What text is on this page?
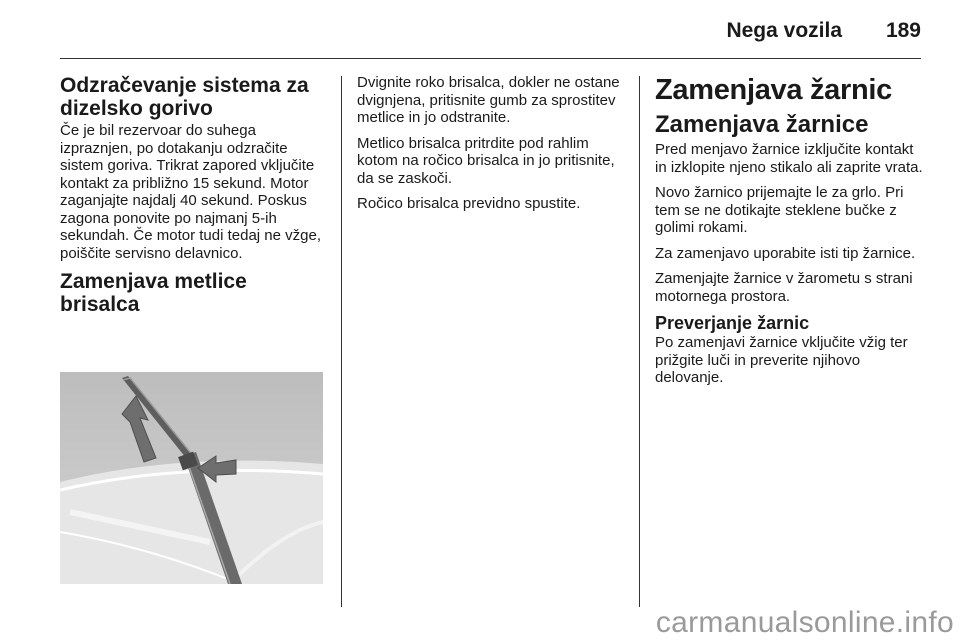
Nega vozila 189
Odzračevanje sistema za dizelsko gorivo

Če je bil rezervoar do suhega izpraznjen, po dotakanju odzračite sistem goriva. Trikrat zapored vključite kontakt za približno 15 sekund. Motor zaganjajte najdalj 40 sekund. Poskus zagona ponovite po najmanj 5-ih sekundah. Če motor tudi tedaj ne vžge, poiščite servisno delavnico.

Zamenjava metlice brisalca

Dvignite roko brisalca, dokler ne ostane dvignjena, pritisnite gumb za sprostitev metlice in jo odstranite.

Metlico brisalca pritrdite pod rahlim kotom na ročico brisalca in jo pritisnite, da se zaskoči.

Ročico brisalca previdno spustite.

Zamenjava žarnic
Zamenjava žarnice

Pred menjavo žarnice izključite kontakt in izklopite njeno stikalo ali zaprite vrata.

Novo žarnico prijemajte le za grlo. Pri tem se ne dotikajte steklene bučke z golimi rokami.

Za zamenjavo uporabite isti tip žarnice.

Zamenjajte žarnice v žarometu s strani motornega prostora.

Preverjanje žarnic

Po zamenjavi žarnice vključite vžig ter prižgite luči in preverite njihovo delovanje.

carmanualsonline.info
